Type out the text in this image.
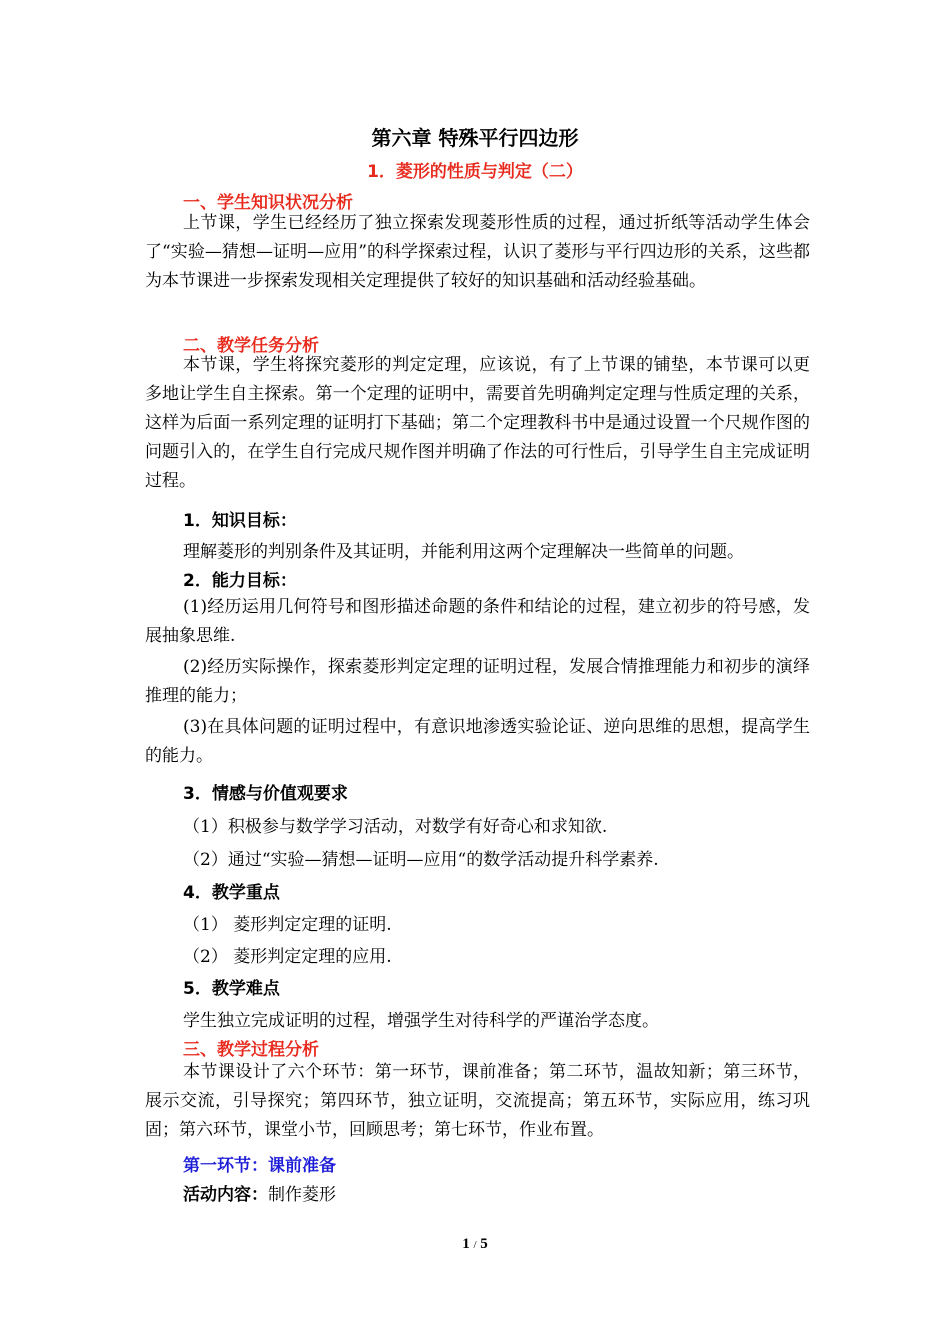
第六章 特殊平行四边形
1．菱形的性质与判定（二）
一、学生知识状况分析
上节课，学生已经经历了独立探索发现菱形性质的过程，通过折纸等活动学生体会了“实验—猜想—证明—应用”的科学探索过程，认识了菱形与平行四边形的关系，这些都为本节课进一步探索发现相关定理提供了较好的知识基础和活动经验基础。
二、教学任务分析
本节课，学生将探究菱形的判定定理，应该说，有了上节课的铺垫，本节课可以更多地让学生自主探索。第一个定理的证明中，需要首先明确判定定理与性质定理的关系，这样为后面一系列定理的证明打下基础；第二个定理教科书中是通过设置一个尺规作图的问题引入的，在学生自行完成尺规作图并明确了作法的可行性后，引导学生自主完成证明过程。
1．知识目标：
理解菱形的判别条件及其证明，并能利用这两个定理解决一些简单的问题。
2．能力目标：
(1)经历运用几何符号和图形描述命题的条件和结论的过程，建立初步的符号感，发展抽象思维.
(2)经历实际操作，探索菱形判定定理的证明过程，发展合情推理能力和初步的演绎推理的能力；
(3)在具体问题的证明过程中，有意识地渗透实验论证、逆向思维的思想，提高学生的能力。
3．情感与价值观要求
（1）积极参与数学学习活动，对数学有好奇心和求知欲.
（2）通过“实验—猜想—证明—应用“的数学活动提升科学素养.
4．教学重点
（1） 菱形判定定理的证明.
（2） 菱形判定定理的应用.
5．教学难点
学生独立完成证明的过程，增强学生对待科学的严谨治学态度。
三、教学过程分析
本节课设计了六个环节：第一环节，课前准备；第二环节，温故知新；第三环节，展示交流，引导探究；第四环节，独立证明，交流提高；第五环节，实际应用，练习巩固；第六环节，课堂小节，回顾思考；第七环节，作业布置。
第一环节：课前准备
活动内容：制作菱形
1 / 5
